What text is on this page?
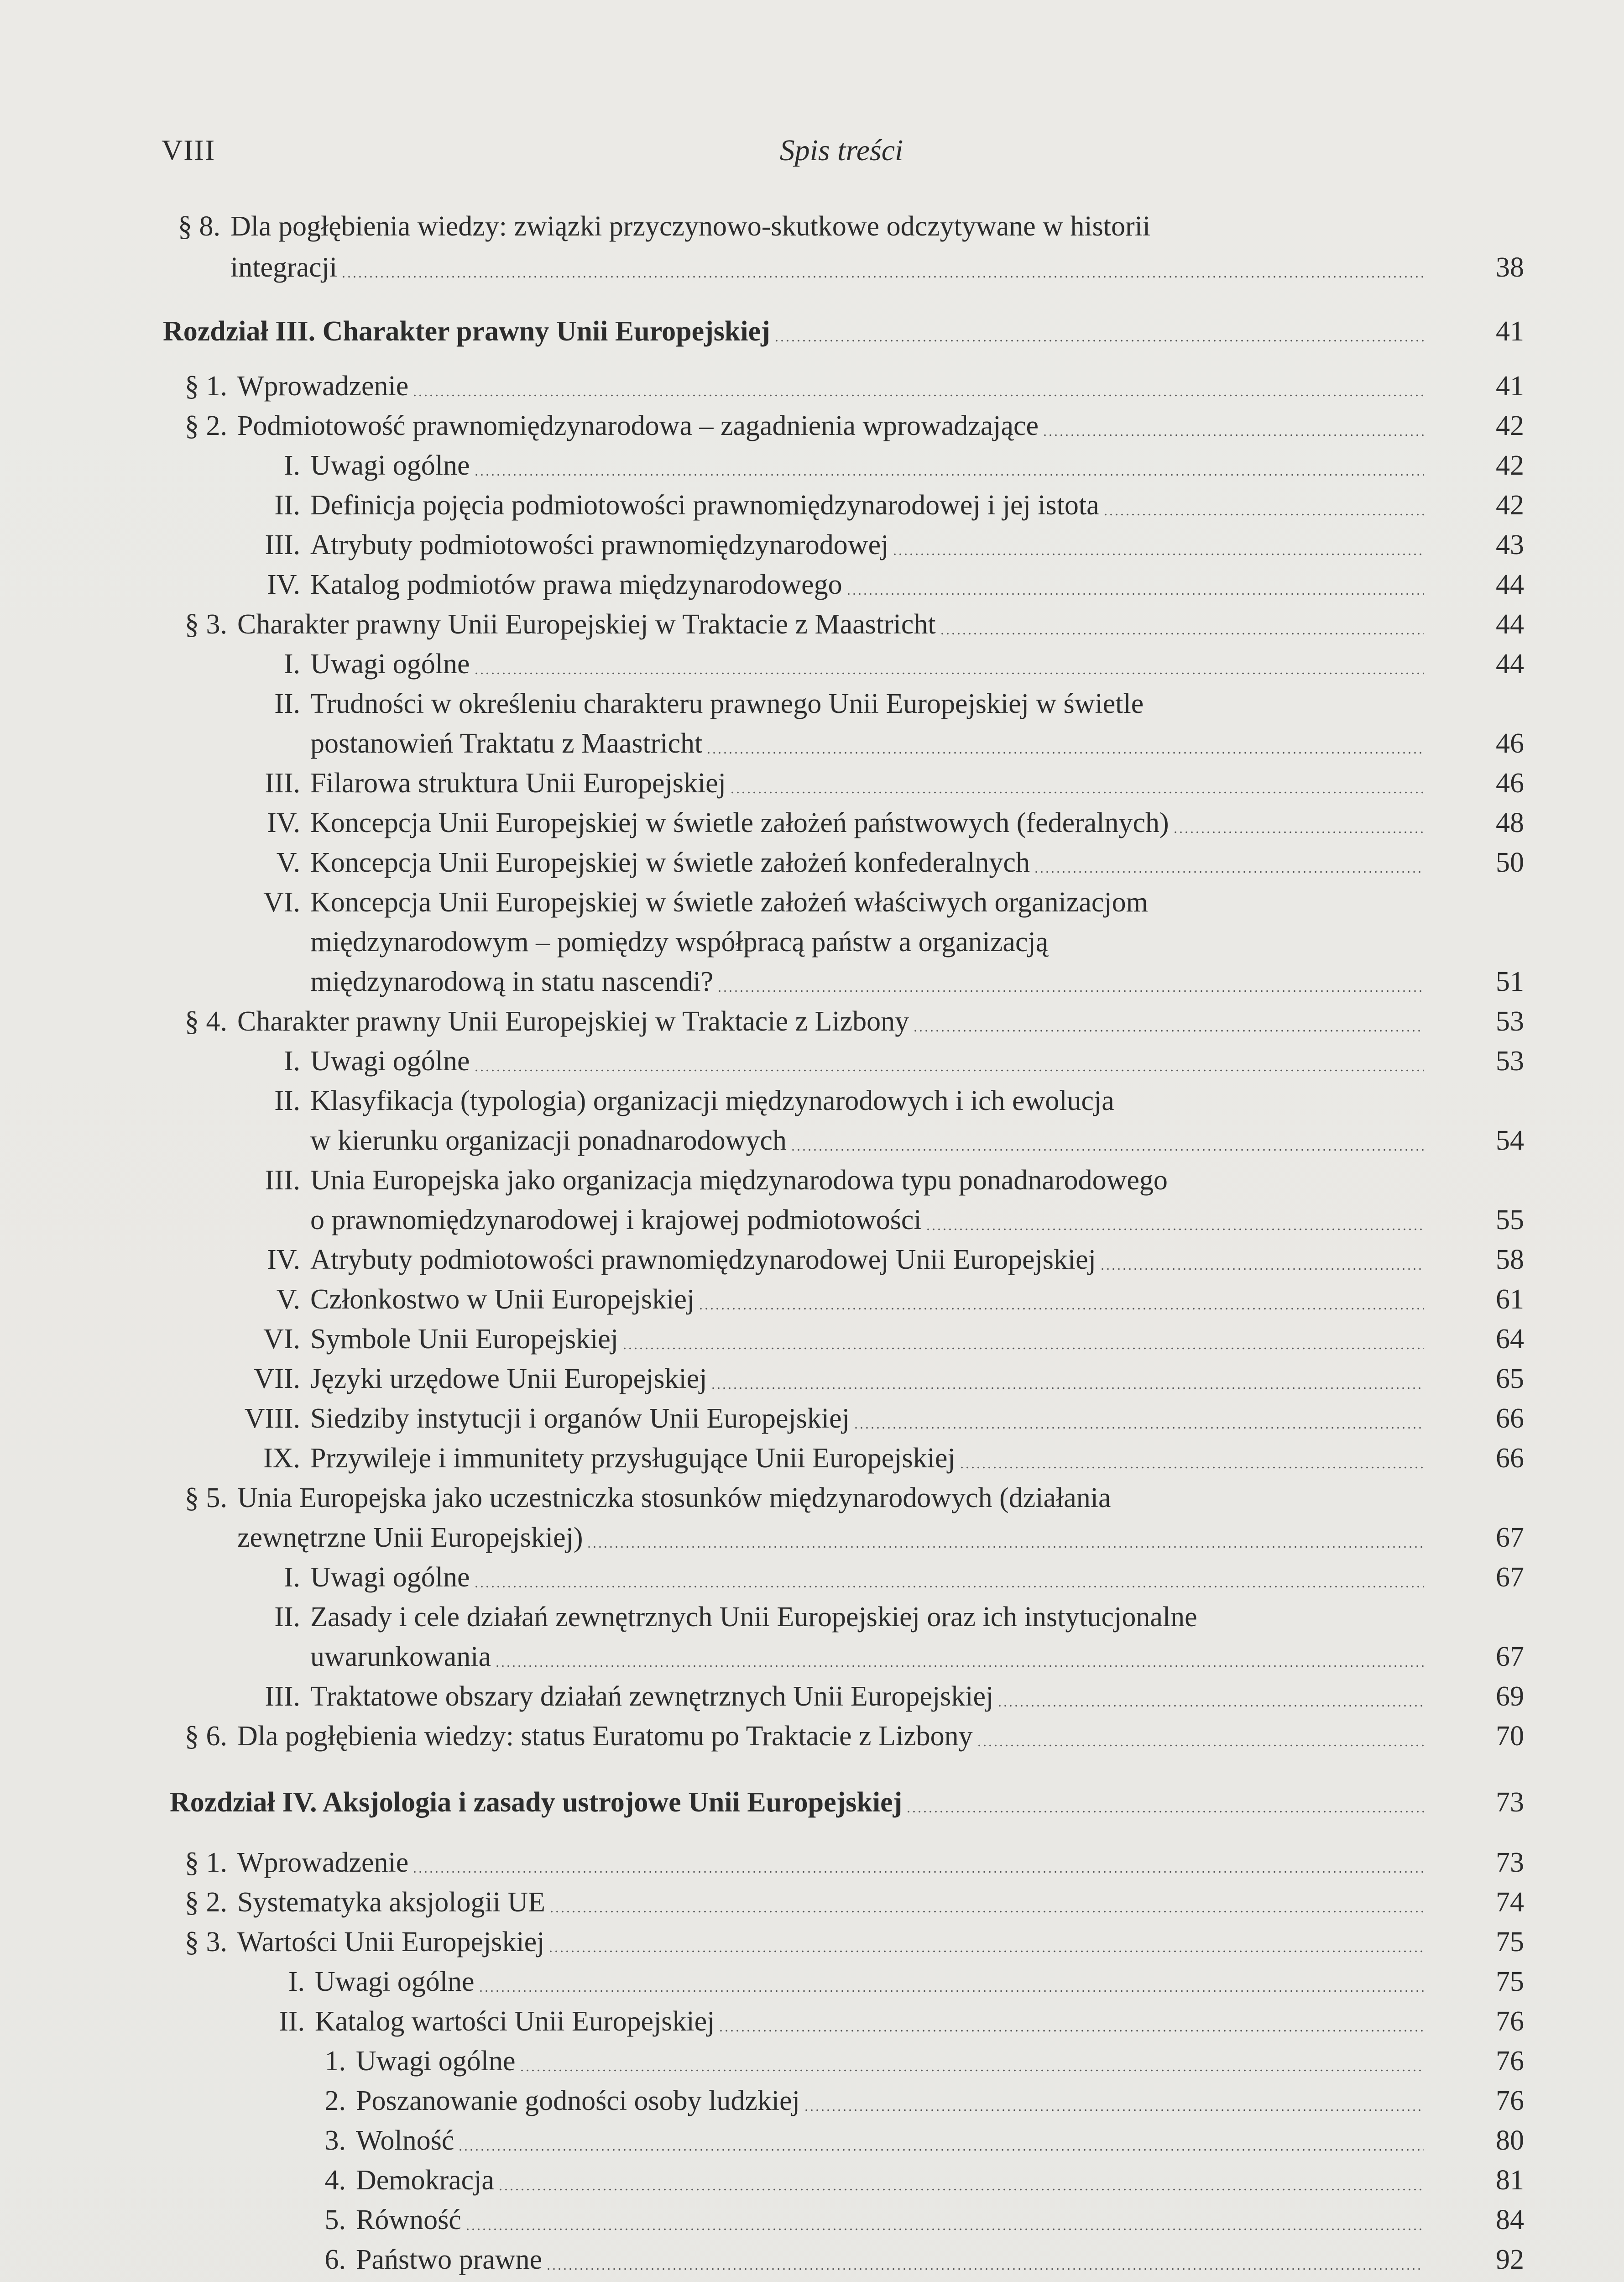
VIII	Spis treści
§ 8. Dla pogłębienia wiedzy: związki przyczynowo-skutkowe odczytywane w historii
integracji	38
Rozdział III. Charakter prawny Unii Europejskiej	41
§ 1. Wprowadzenie	41
§ 2. Podmiotowość prawnomiędzynarodowa – zagadnienia wprowadzające	42
I. Uwagi ogólne	42
II. Definicja pojęcia podmiotowości prawnomiędzynarodowej i jej istota	42
III. Atrybuty podmiotowości prawnomiędzynarodowej	43
IV. Katalog podmiotów prawa międzynarodowego	44
§ 3. Charakter prawny Unii Europejskiej w Traktacie z Maastricht	44
I. Uwagi ogólne	44
II. Trudności w określeniu charakteru prawnego Unii Europejskiej w świetle
postanowień Traktatu z Maastricht	46
III. Filarowa struktura Unii Europejskiej	46
IV. Koncepcja Unii Europejskiej w świetle założeń państwowych (federalnych)	48
V. Koncepcja Unii Europejskiej w świetle założeń konfederalnych	50
VI. Koncepcja Unii Europejskiej w świetle założeń właściwych organizacjom
międzynarodowym – pomiędzy współpracą państw a organizacją
międzynarodową in statu nascendi?	51
§ 4. Charakter prawny Unii Europejskiej w Traktacie z Lizbony	53
I. Uwagi ogólne	53
II. Klasyfikacja (typologia) organizacji międzynarodowych i ich ewolucja
w kierunku organizacji ponadnarodowych	54
III. Unia Europejska jako organizacja międzynarodowa typu ponadnarodowego
o prawnomiędzynarodowej i krajowej podmiotowości	55
IV. Atrybuty podmiotowości prawnomiędzynarodowej Unii Europejskiej	58
V. Członkostwo w Unii Europejskiej	61
VI. Symbole Unii Europejskiej	64
VII. Języki urzędowe Unii Europejskiej	65
VIII. Siedziby instytucji i organów Unii Europejskiej	66
IX. Przywileje i immunitety przysługujące Unii Europejskiej	66
§ 5. Unia Europejska jako uczestniczka stosunków międzynarodowych (działania
zewnętrzne Unii Europejskiej)	67
I. Uwagi ogólne	67
II. Zasady i cele działań zewnętrznych Unii Europejskiej oraz ich instytucjonalne
uwarunkowania	67
III. Traktatowe obszary działań zewnętrznych Unii Europejskiej	69
§ 6. Dla pogłębienia wiedzy: status Euratomu po Traktacie z Lizbony	70
Rozdział IV. Aksjologia i zasady ustrojowe Unii Europejskiej	73
§ 1. Wprowadzenie	73
§ 2. Systematyka aksjologii UE	74
§ 3. Wartości Unii Europejskiej	75
I. Uwagi ogólne	75
II. Katalog wartości Unii Europejskiej	76
1. Uwagi ogólne	76
2. Poszanowanie godności osoby ludzkiej	76
3. Wolność	80
4. Demokracja	81
5. Równość	84
6. Państwo prawne	92
